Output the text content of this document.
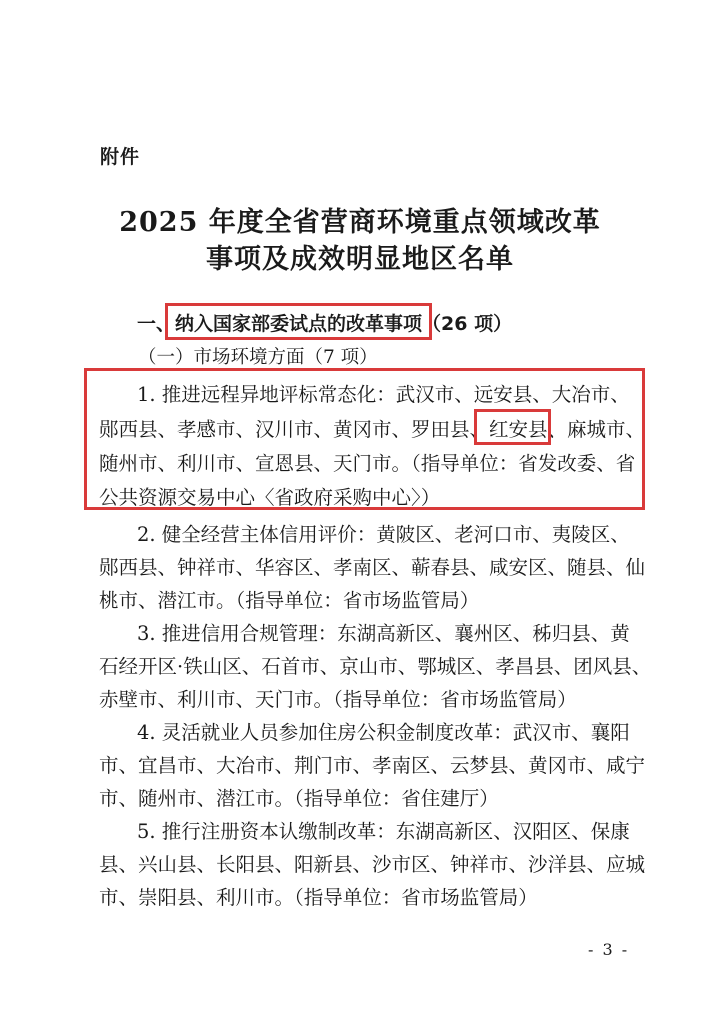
附件
2025 年度全省营商环境重点领域改革
事项及成效明显地区名单
一、纳入国家部委试点的改革事项（26 项）
（一）市场环境方面（7 项）
1. 推进远程异地评标常态化：武汉市、远安县、大冶市、
郧西县、孝感市、汉川市、黄冈市、罗田县、红安县、麻城市、
随州市、利川市、宣恩县、天门市。（指导单位：省发改委、省
公共资源交易中心〈省政府采购中心〉）
2. 健全经营主体信用评价：黄陂区、老河口市、夷陵区、
郧西县、钟祥市、华容区、孝南区、蕲春县、咸安区、随县、仙
桃市、潜江市。（指导单位：省市场监管局）
3. 推进信用合规管理：东湖高新区、襄州区、秭归县、黄
石经开区·铁山区、石首市、京山市、鄂城区、孝昌县、团风县、
赤壁市、利川市、天门市。（指导单位：省市场监管局）
4. 灵活就业人员参加住房公积金制度改革：武汉市、襄阳
市、宜昌市、大冶市、荆门市、孝南区、云梦县、黄冈市、咸宁
市、随州市、潜江市。（指导单位：省住建厅）
5. 推行注册资本认缴制改革：东湖高新区、汉阳区、保康
县、兴山县、长阳县、阳新县、沙市区、钟祥市、沙洋县、应城
市、崇阳县、利川市。（指导单位：省市场监管局）
- 3 -
